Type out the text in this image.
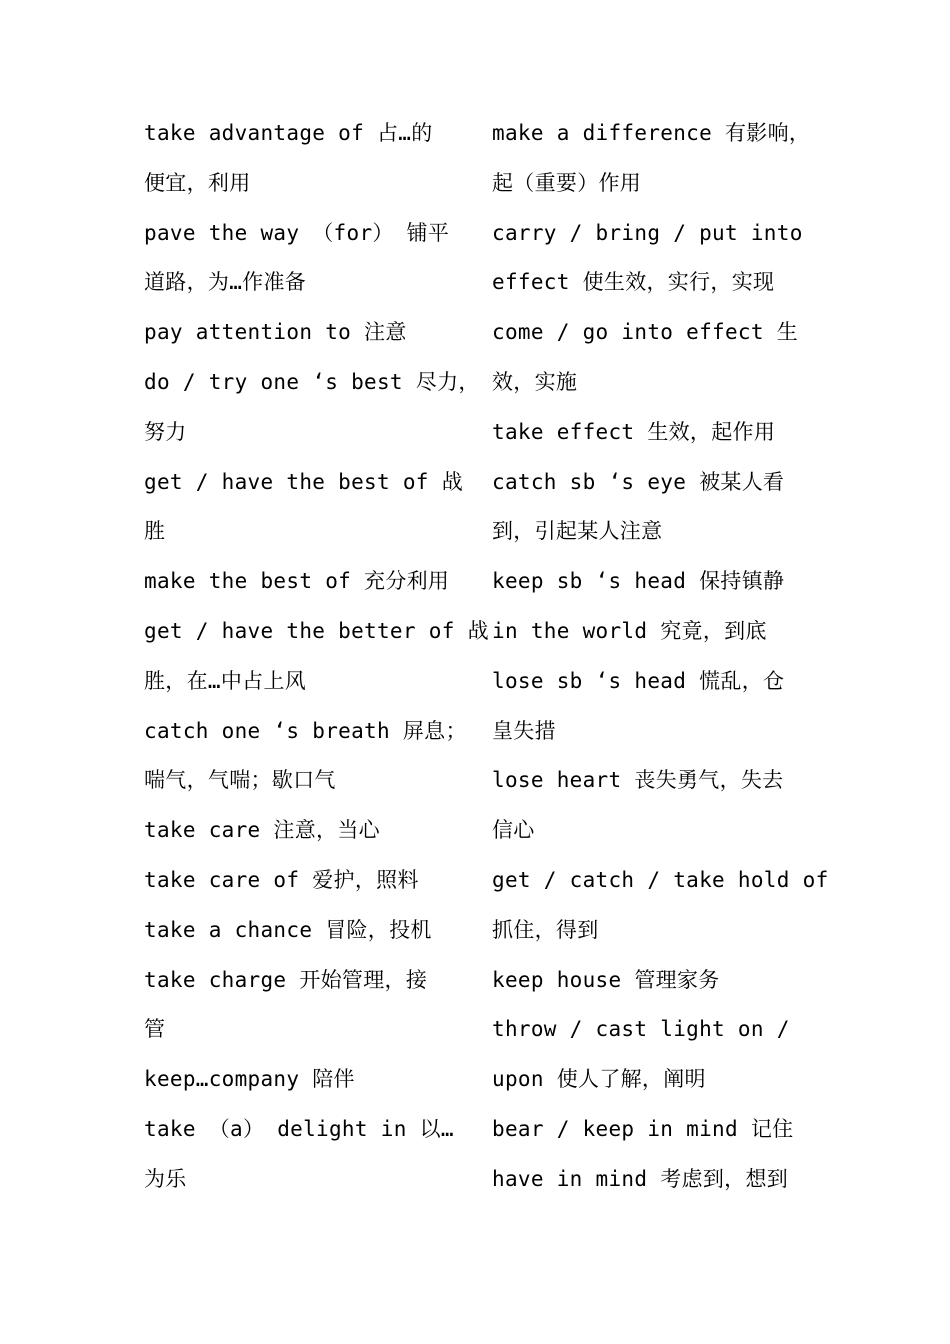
take advantage of 占…的
便宜，利用
pave the way （for） 铺平
道路，为…作准备
pay attention to 注意
do / try one ‘s best 尽力，
努力
get / have the best of 战
胜
make the best of 充分利用
get / have the better of 战
胜，在…中占上风
catch one ‘s breath 屏息；
喘气，气喘；歇口气
take care 注意，当心
take care of 爱护，照料
take a chance 冒险，投机
take charge 开始管理，接
管
keep…company 陪伴
take （a） delight in 以…
为乐
make a difference 有影响，
起（重要）作用
carry / bring / put into
effect 使生效，实行，实现
come / go into effect 生
效，实施
take effect 生效，起作用
catch sb ‘s eye 被某人看
到，引起某人注意
keep sb ‘s head 保持镇静
in the world 究竟，到底
lose sb ‘s head 慌乱，仓
皇失措
lose heart 丧失勇气，失去
信心
get / catch / take hold of
抓住，得到
keep house 管理家务
throw / cast light on /
upon 使人了解，阐明
bear / keep in mind 记住
have in mind 考虑到，想到
